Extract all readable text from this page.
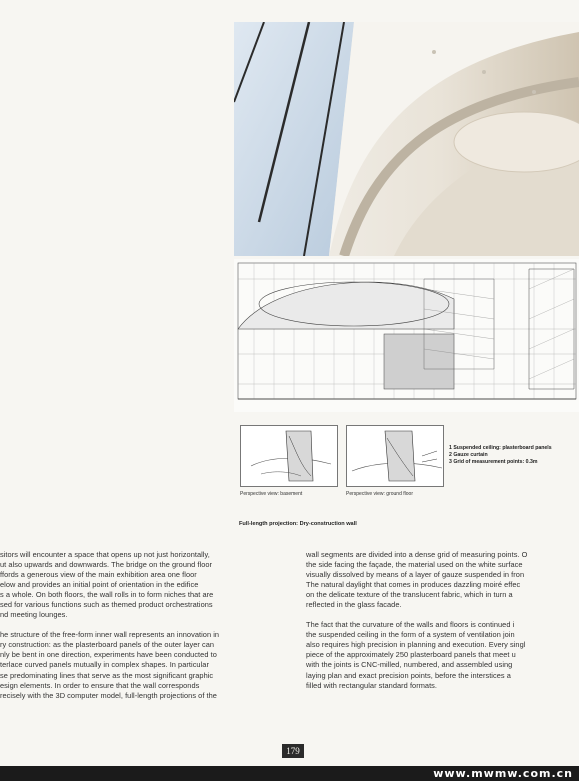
Perspective view: basement	Perspective view: ground floor
1 Suspended ceiling: plasterboard panels
2 Gauze curtain
3 Grid of measurement points: 0.3m
Full-length projection: Dry-construction wall

sitors will encounter a space that opens up not just horizontally,
ut also upwards and downwards. The bridge on the ground floor
ffords a generous view of the main exhibition area one floor
elow and provides an initial point of orientation in the edifice
s a whole. On both floors, the wall rolls in to form niches that are
sed for various functions such as themed product orchestrations
nd meeting lounges.

he structure of the free-form inner wall represents an innovation in
ry construction: as the plasterboard panels of the outer layer can
nly be bent in one direction, experiments have been conducted to
terlace curved panels mutually in complex shapes. In particular
se predominating lines that serve as the most significant graphic
esign elements. In order to ensure that the wall corresponds
recisely with the 3D computer model, full-length projections of the

wall segments are divided into a dense grid of measuring points. O
the side facing the façade, the material used on the white surface
visually dissolved by means of a layer of gauze suspended in fron
The natural daylight that comes in produces dazzling moiré effec
on the delicate texture of the translucent fabric, which in turn a
reflected in the glass facade.

The fact that the curvature of the walls and floors is continued i
the suspended ceiling in the form of a system of ventilation join
also requires high precision in planning and execution. Every singl
piece of the approximately 250 plasterboard panels that meet u
with the joints is CNC-milled, numbered, and assembled using
laying plan and exact precision points, before the interstices a
filled with rectangular standard formats.

179
www.mwmw.com.cn
